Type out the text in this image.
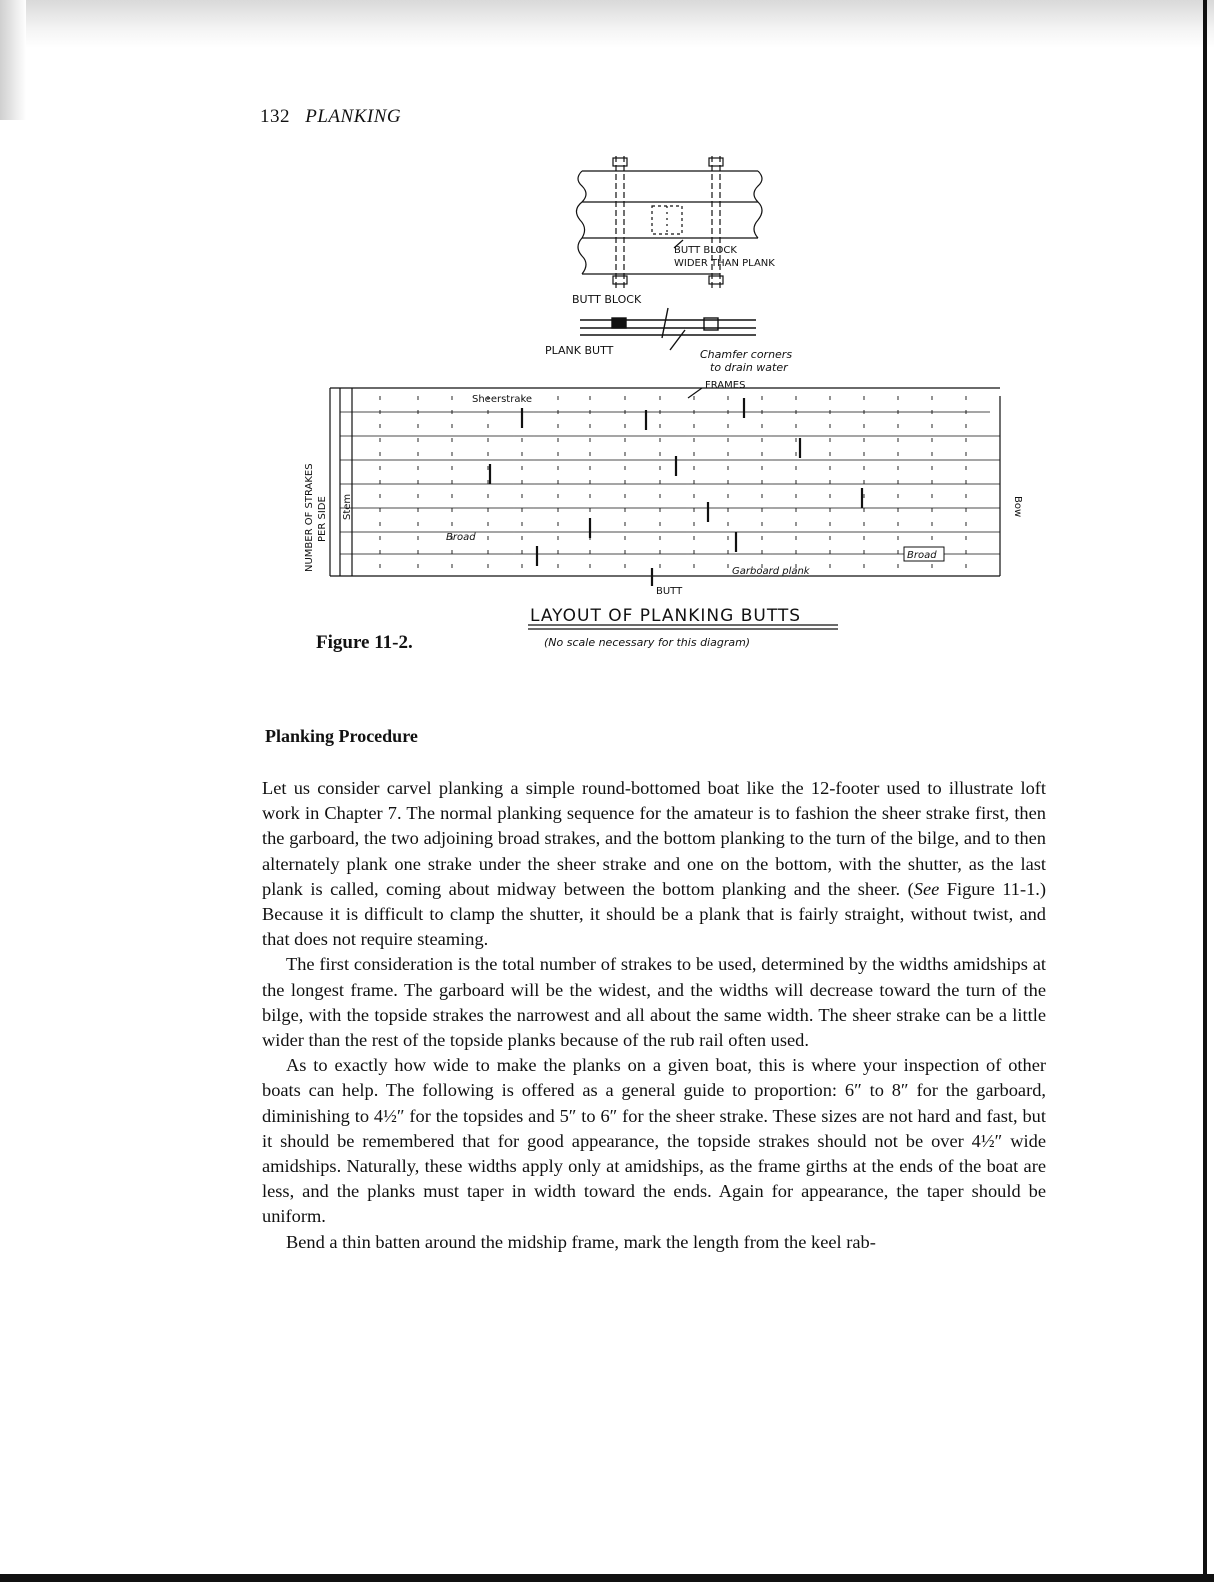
132 PLANKING
BUTT BLOCK
WIDER THAN PLANK
BUTT BLOCK
PLANK BUTT	Chamfer corners
to drain water
FRAMES
Sheerstrake
Broad
Broad
Garboard plank
BUTT
Stem	Bow
NUMBER OF STRAKES PER SIDE
LAYOUT OF PLANKING BUTTS
(No scale necessary for this diagram)
Figure 11-2.
Planking Procedure

Let us consider carvel planking a simple round-bottomed boat like the 12-footer used to illustrate loft work in Chapter 7. The normal planking sequence for the amateur is to fashion the sheer strake first, then the garboard, the two adjoining broad strakes, and the bottom planking to the turn of the bilge, and to then alternately plank one strake under the sheer strake and one on the bottom, with the shutter, as the last plank is called, coming about midway between the bottom planking and the sheer. (See Figure 11-1.) Because it is difficult to clamp the shutter, it should be a plank that is fairly straight, without twist, and that does not require steaming.

The first consideration is the total number of strakes to be used, determined by the widths amidships at the longest frame. The garboard will be the widest, and the widths will decrease toward the turn of the bilge, with the topside strakes the narrowest and all about the same width. The sheer strake can be a little wider than the rest of the topside planks because of the rub rail often used.

As to exactly how wide to make the planks on a given boat, this is where your inspection of other boats can help. The following is offered as a general guide to proportion: 6″ to 8″ for the garboard, diminishing to 4½″ for the topsides and 5″ to 6″ for the sheer strake. These sizes are not hard and fast, but it should be remembered that for good appearance, the topside strakes should not be over 4½″ wide amidships. Naturally, these widths apply only at amidships, as the frame girths at the ends of the boat are less, and the planks must taper in width toward the ends. Again for appearance, the taper should be uniform.

Bend a thin batten around the midship frame, mark the length from the keel rab-
